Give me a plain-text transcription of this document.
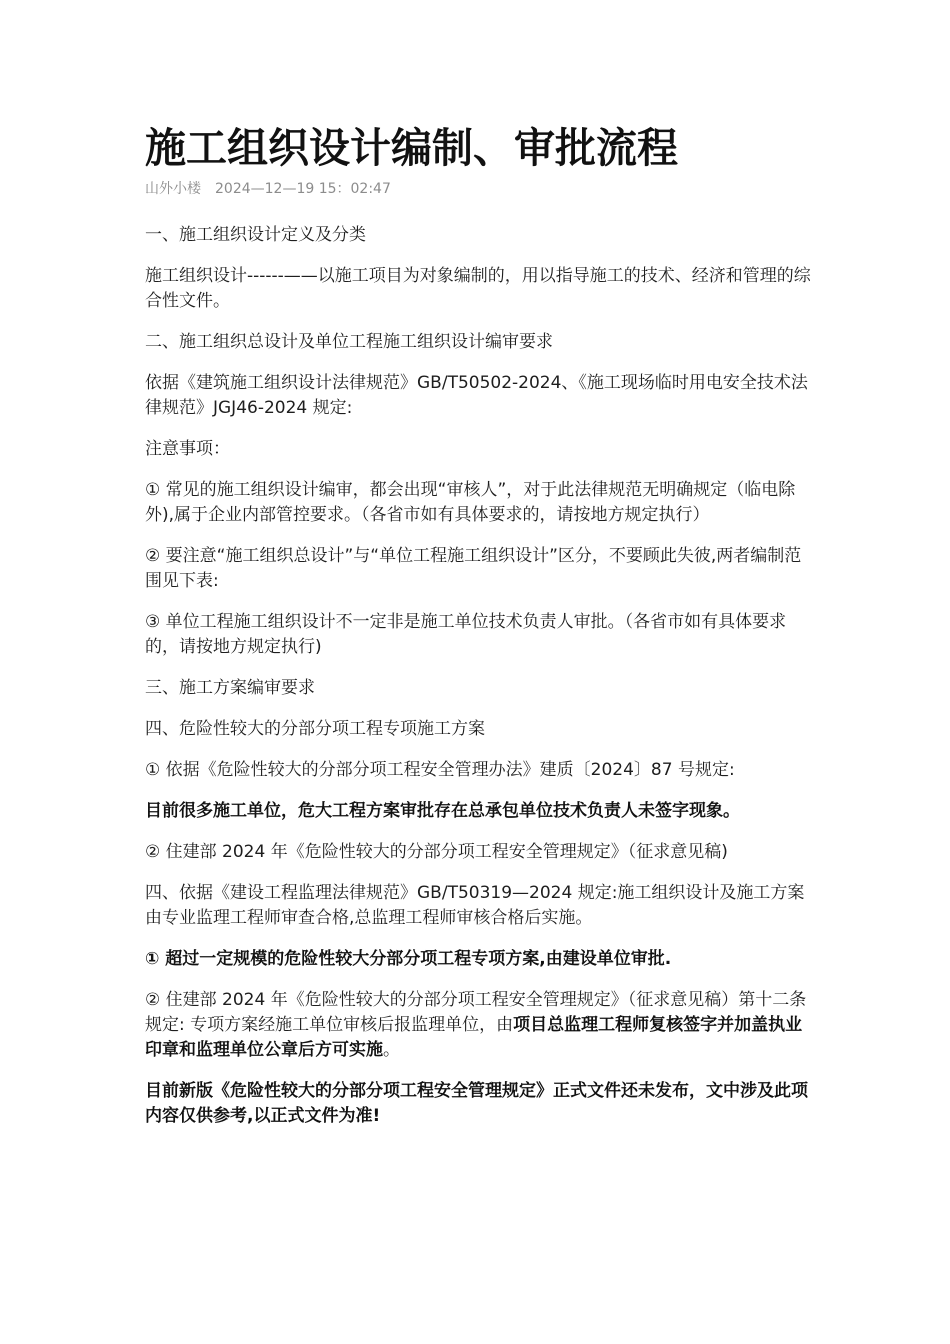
施工组织设计编制、审批流程
山外小楼 2024—12—19 15：02:47

一、施工组织设计定义及分类

施工组织设计------——以施工项目为对象编制的，用以指导施工的技术、经济和管理的综合性文件。

二、施工组织总设计及单位工程施工组织设计编审要求

依据《建筑施工组织设计法律规范》GB/T50502-2024、《施工现场临时用电安全技术法律规范》JGJ46-2024 规定:

注意事项：

① 常见的施工组织设计编审，都会出现“审核人”，对于此法律规范无明确规定（临电除外),属于企业内部管控要求。（各省市如有具体要求的，请按地方规定执行）

② 要注意“施工组织总设计”与“单位工程施工组织设计”区分，不要顾此失彼,两者编制范围见下表:

③ 单位工程施工组织设计不一定非是施工单位技术负责人审批。（各省市如有具体要求的，请按地方规定执行)

三、施工方案编审要求

四、危险性较大的分部分项工程专项施工方案

① 依据《危险性较大的分部分项工程安全管理办法》建质〔2024〕87 号规定:

目前很多施工单位，危大工程方案审批存在总承包单位技术负责人未签字现象。

② 住建部 2024 年《危险性较大的分部分项工程安全管理规定》（征求意见稿)

四、依据《建设工程监理法律规范》GB/T50319—2024 规定:施工组织设计及施工方案由专业监理工程师审查合格,总监理工程师审核合格后实施。

① 超过一定规模的危险性较大分部分项工程专项方案,由建设单位审批.

② 住建部 2024 年《危险性较大的分部分项工程安全管理规定》（征求意见稿）第十二条规定: 专项方案经施工单位审核后报监理单位，由项目总监理工程师复核签字并加盖执业印章和监理单位公章后方可实施。

目前新版《危险性较大的分部分项工程安全管理规定》正式文件还未发布，文中涉及此项内容仅供参考,以正式文件为准!
